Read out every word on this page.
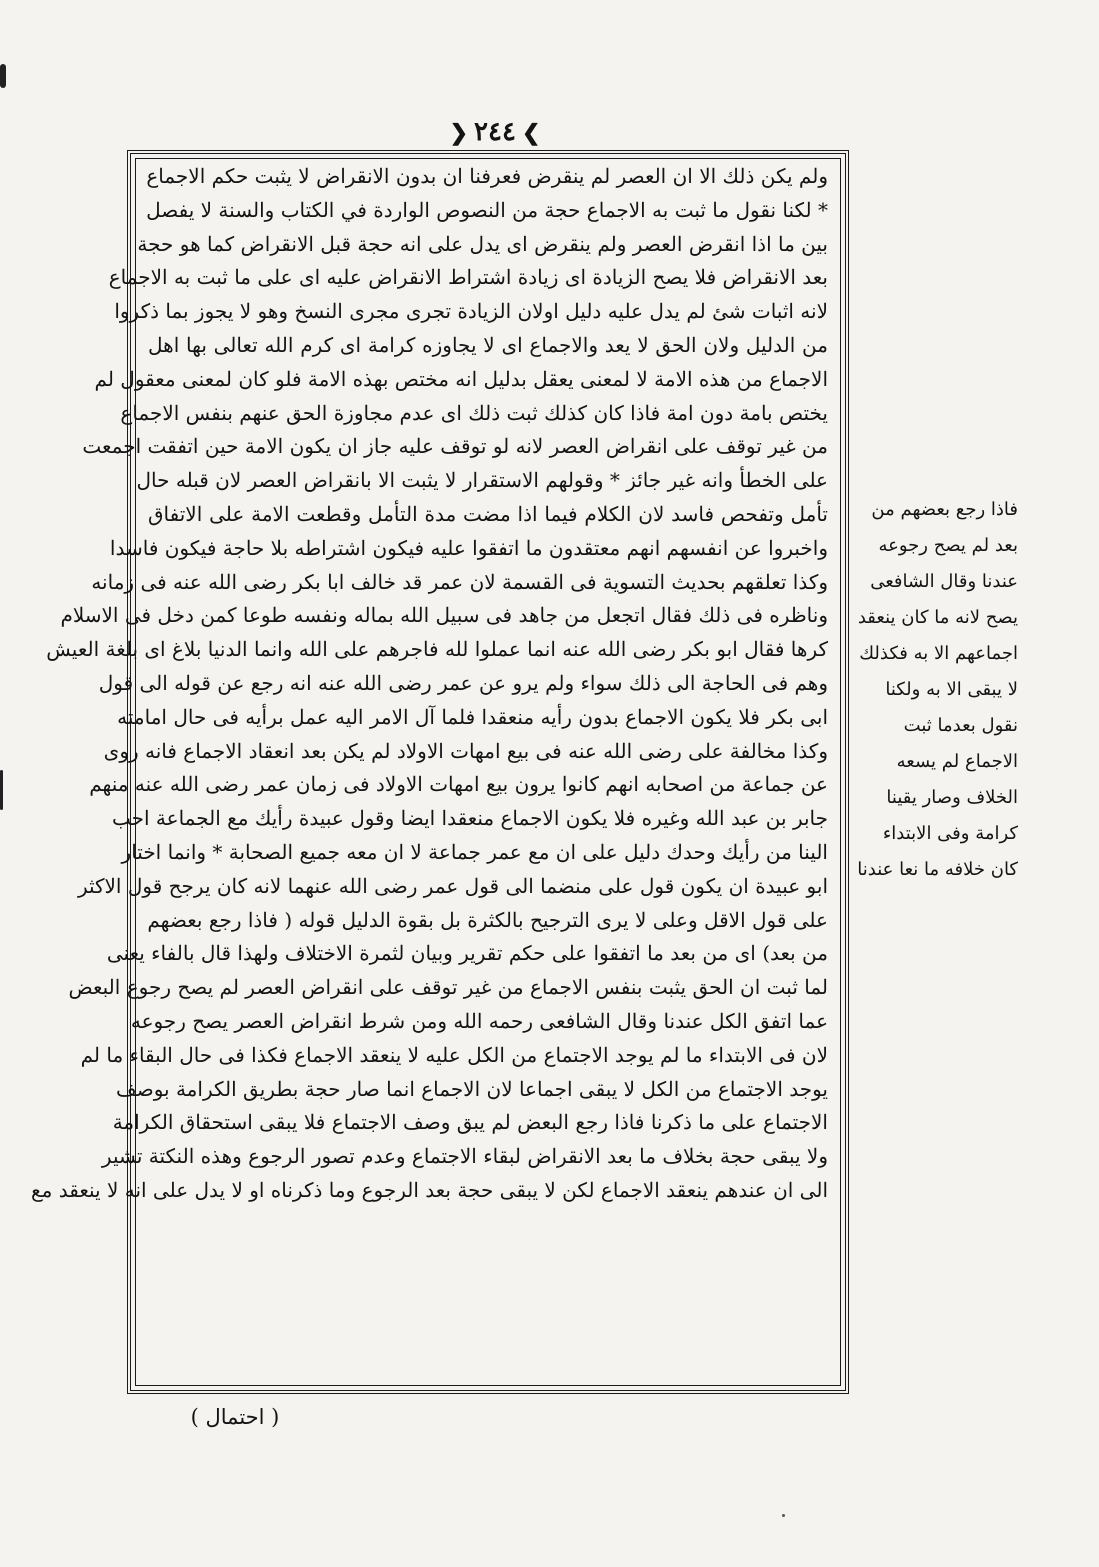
❯٢٤٤❮
ولم يكن ذلك الا ان العصر لم ينقرض فعرفنا ان بدون الانقراض لا يثبت حكم الاجماع
* لكنا نقول ما ثبت به الاجماع حجة من النصوص الواردة في الكتاب والسنة لا يفصل
بين ما اذا انقرض العصر ولم ينقرض اى يدل على انه حجة قبل الانقراض كما هو حجة
بعد الانقراض فلا يصح الزيادة اى زيادة اشتراط الانقراض عليه اى على ما ثبت به الاجماع
لانه اثبات شئ لم يدل عليه دليل اولان الزيادة تجرى مجرى النسخ وهو لا يجوز بما ذكروا
من الدليل ولان الحق لا يعد والاجماع اى لا يجاوزه كرامة اى كرم الله تعالى بها اهل
الاجماع من هذه الامة لا لمعنى يعقل بدليل انه مختص بهذه الامة فلو كان لمعنى معقول لم
يختص بامة دون امة فاذا كان كذلك ثبت ذلك اى عدم مجاوزة الحق عنهم بنفس الاجماع
من غير توقف على انقراض العصر لانه لو توقف عليه جاز ان يكون الامة حين اتفقت اجمعت
على الخطأ وانه غير جائز * وقولهم الاستقرار لا يثبت الا بانقراض العصر لان قبله حال
تأمل وتفحص فاسد لان الكلام فيما اذا مضت مدة التأمل وقطعت الامة على الاتفاق
واخبروا عن انفسهم انهم معتقدون ما اتفقوا عليه فيكون اشتراطه بلا حاجة فيكون فاسدا
وكذا تعلقهم بحديث التسوية فى القسمة لان عمر قد خالف ابا بكر رضى الله عنه فى زمانه
وناظره فى ذلك فقال اتجعل من جاهد فى سبيل الله بماله ونفسه طوعا كمن دخل فى الاسلام
كرها فقال ابو بكر رضى الله عنه انما عملوا لله فاجرهم على الله وانما الدنيا بلاغ اى بلغة العيش
وهم فى الحاجة الى ذلك سواء ولم يرو عن عمر رضى الله عنه انه رجع عن قوله الى قول
ابى بكر فلا يكون الاجماع بدون رأيه منعقدا فلما آل الامر اليه عمل برأيه فى حال امامته
وكذا مخالفة على رضى الله عنه فى بيع امهات الاولاد لم يكن بعد انعقاد الاجماع فانه روى
عن جماعة من اصحابه انهم كانوا يرون بيع امهات الاولاد فى زمان عمر رضى الله عنه منهم
جابر بن عبد الله وغيره فلا يكون الاجماع منعقدا ايضا وقول عبيدة رأيك مع الجماعة احب
الينا من رأيك وحدك دليل على ان مع عمر جماعة لا ان معه جميع الصحابة * وانما اختار
ابو عبيدة ان يكون قول على منضما الى قول عمر رضى الله عنهما لانه كان يرجح قول الاكثر
على قول الاقل وعلى لا يرى الترجيح بالكثرة بل بقوة الدليل قوله ( فاذا رجع بعضهم
من بعد) اى من بعد ما اتفقوا على حكم تقرير وبيان لثمرة الاختلاف ولهذا قال بالفاء يعنى
لما ثبت ان الحق يثبت بنفس الاجماع من غير توقف على انقراض العصر لم يصح رجوع البعض
عما اتفق الكل عندنا وقال الشافعى رحمه الله ومن شرط انقراض العصر يصح رجوعه
لان فى الابتداء ما لم يوجد الاجتماع من الكل عليه لا ينعقد الاجماع فكذا فى حال البقاء ما لم
يوجد الاجتماع من الكل لا يبقى اجماعا لان الاجماع انما صار حجة بطريق الكرامة بوصف
الاجتماع على ما ذكرنا فاذا رجع البعض لم يبق وصف الاجتماع فلا يبقى استحقاق الكرامة
ولا يبقى حجة بخلاف ما بعد الانقراض لبقاء الاجتماع وعدم تصور الرجوع وهذه النكتة تشير
الى ان عندهم ينعقد الاجماع لكن لا يبقى حجة بعد الرجوع وما ذكرناه او لا يدل على انه لا ينعقد مع
فاذا رجع بعضهم من
بعد لم يصح رجوعه
عندنا وقال الشافعى
يصح لانه ما كان ينعقد
اجماعهم الا به فكذلك
لا يبقى الا به ولكنا
نقول بعدما ثبت
الاجماع لم يسعه
الخلاف وصار يقينا
كرامة وفى الابتداء
كان خلافه ما نعا عندنا
( احتمال )
